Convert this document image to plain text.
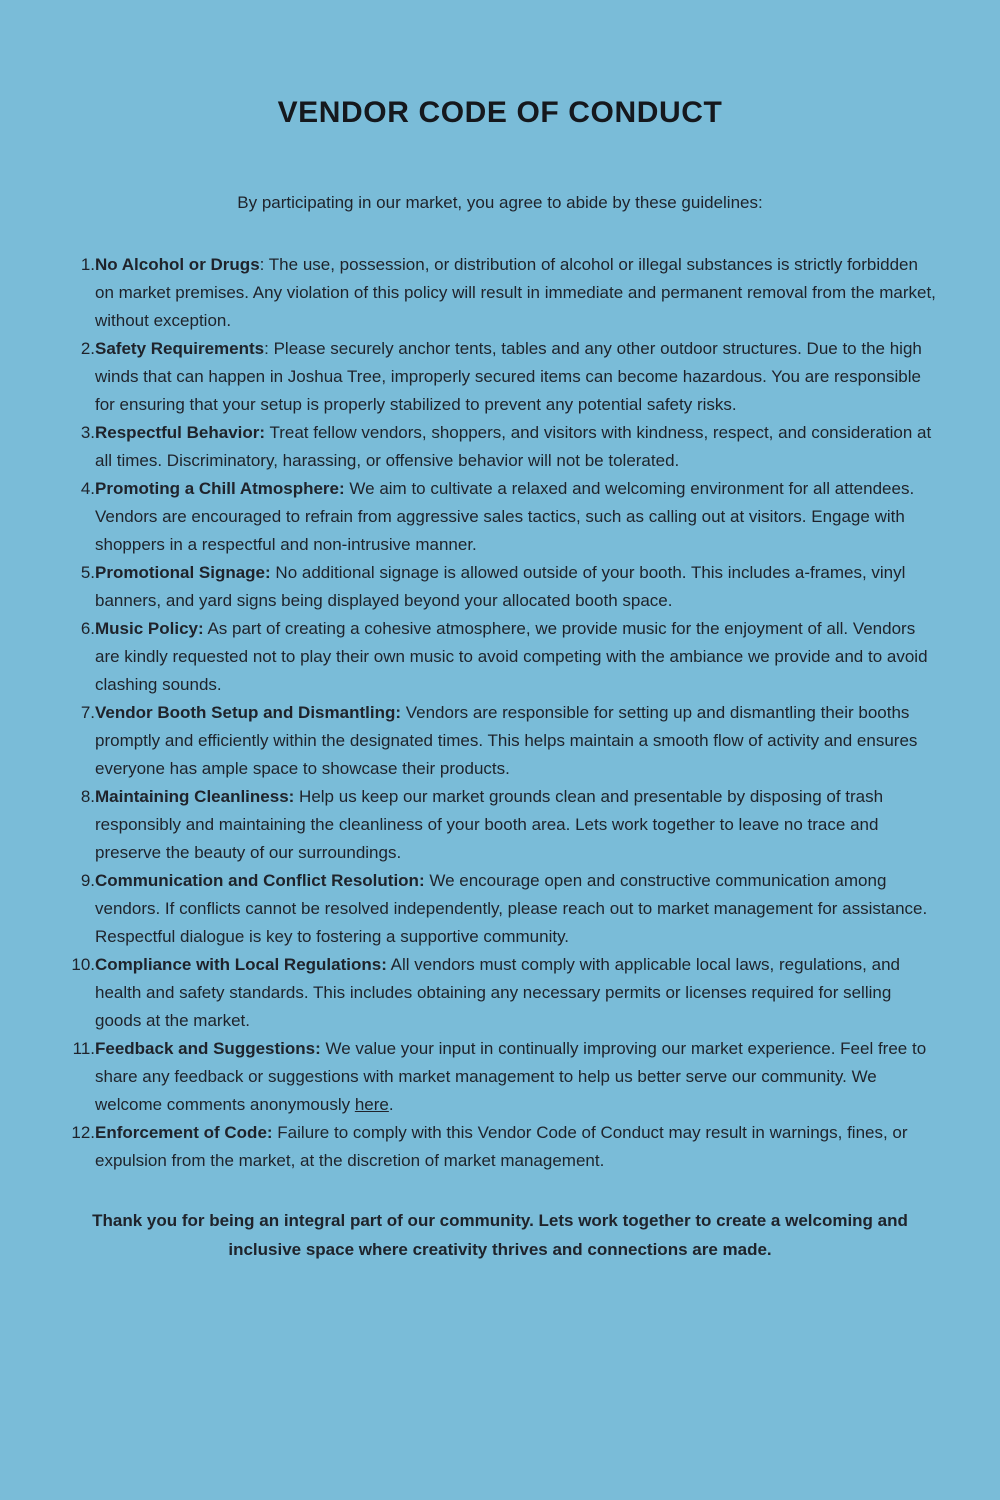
VENDOR CODE OF CONDUCT

By participating in our market, you agree to abide by these guidelines:

1. No Alcohol or Drugs: The use, possession, or distribution of alcohol or illegal substances is strictly forbidden on market premises. Any violation of this policy will result in immediate and permanent removal from the market, without exception.
2. Safety Requirements: Please securely anchor tents, tables and any other outdoor structures. Due to the high winds that can happen in Joshua Tree, improperly secured items can become hazardous. You are responsible for ensuring that your setup is properly stabilized to prevent any potential safety risks.
3. Respectful Behavior: Treat fellow vendors, shoppers, and visitors with kindness, respect, and consideration at all times. Discriminatory, harassing, or offensive behavior will not be tolerated.
4. Promoting a Chill Atmosphere: We aim to cultivate a relaxed and welcoming environment for all attendees. Vendors are encouraged to refrain from aggressive sales tactics, such as calling out at visitors. Engage with shoppers in a respectful and non-intrusive manner.
5. Promotional Signage: No additional signage is allowed outside of your booth. This includes a-frames, vinyl banners, and yard signs being displayed beyond your allocated booth space.
6. Music Policy: As part of creating a cohesive atmosphere, we provide music for the enjoyment of all. Vendors are kindly requested not to play their own music to avoid competing with the ambiance we provide and to avoid clashing sounds.
7. Vendor Booth Setup and Dismantling: Vendors are responsible for setting up and dismantling their booths promptly and efficiently within the designated times. This helps maintain a smooth flow of activity and ensures everyone has ample space to showcase their products.
8. Maintaining Cleanliness: Help us keep our market grounds clean and presentable by disposing of trash responsibly and maintaining the cleanliness of your booth area. Lets work together to leave no trace and preserve the beauty of our surroundings.
9. Communication and Conflict Resolution: We encourage open and constructive communication among vendors. If conflicts cannot be resolved independently, please reach out to market management for assistance. Respectful dialogue is key to fostering a supportive community.
10. Compliance with Local Regulations: All vendors must comply with applicable local laws, regulations, and health and safety standards. This includes obtaining any necessary permits or licenses required for selling goods at the market.
11. Feedback and Suggestions: We value your input in continually improving our market experience. Feel free to share any feedback or suggestions with market management to help us better serve our community. We welcome comments anonymously here.
12. Enforcement of Code: Failure to comply with this Vendor Code of Conduct may result in warnings, fines, or expulsion from the market, at the discretion of market management.

Thank you for being an integral part of our community. Lets work together to create a welcoming and inclusive space where creativity thrives and connections are made.
